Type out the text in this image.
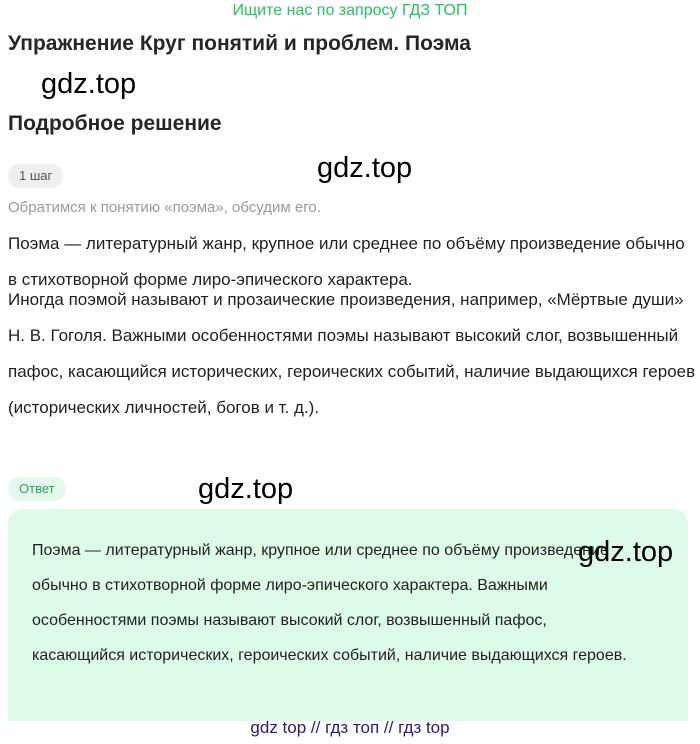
Ищите нас по запросу ГДЗ ТОП
Упражнение Круг понятий и проблем. Поэма
gdz.top
Подробное решение
gdz.top
1 шаг
Обратимся к понятию «поэма», обсудим его.

Поэма — литературный жанр, крупное или среднее по объёму произведение обычно в стихотворной форме лиро-эпического характера.

Иногда поэмой называют и прозаические произведения, например, «Мёртвые души» Н. В. Гоголя. Важными особенностями поэмы называют высокий слог, возвышенный пафос, касающийся исторических, героических событий, наличие выдающихся героев (исторических личностей, богов и т. д.).

Ответ	gdz.top

Поэма — литературный жанр, крупное или среднее по объёму произведение обычно в стихотворной форме лиро-эпического характера. Важными особенностями поэмы называют высокий слог, возвышенный пафос, касающийся исторических, героических событий, наличие выдающихся героев.

gdz.top
gdz top // гдз топ // гдз top
